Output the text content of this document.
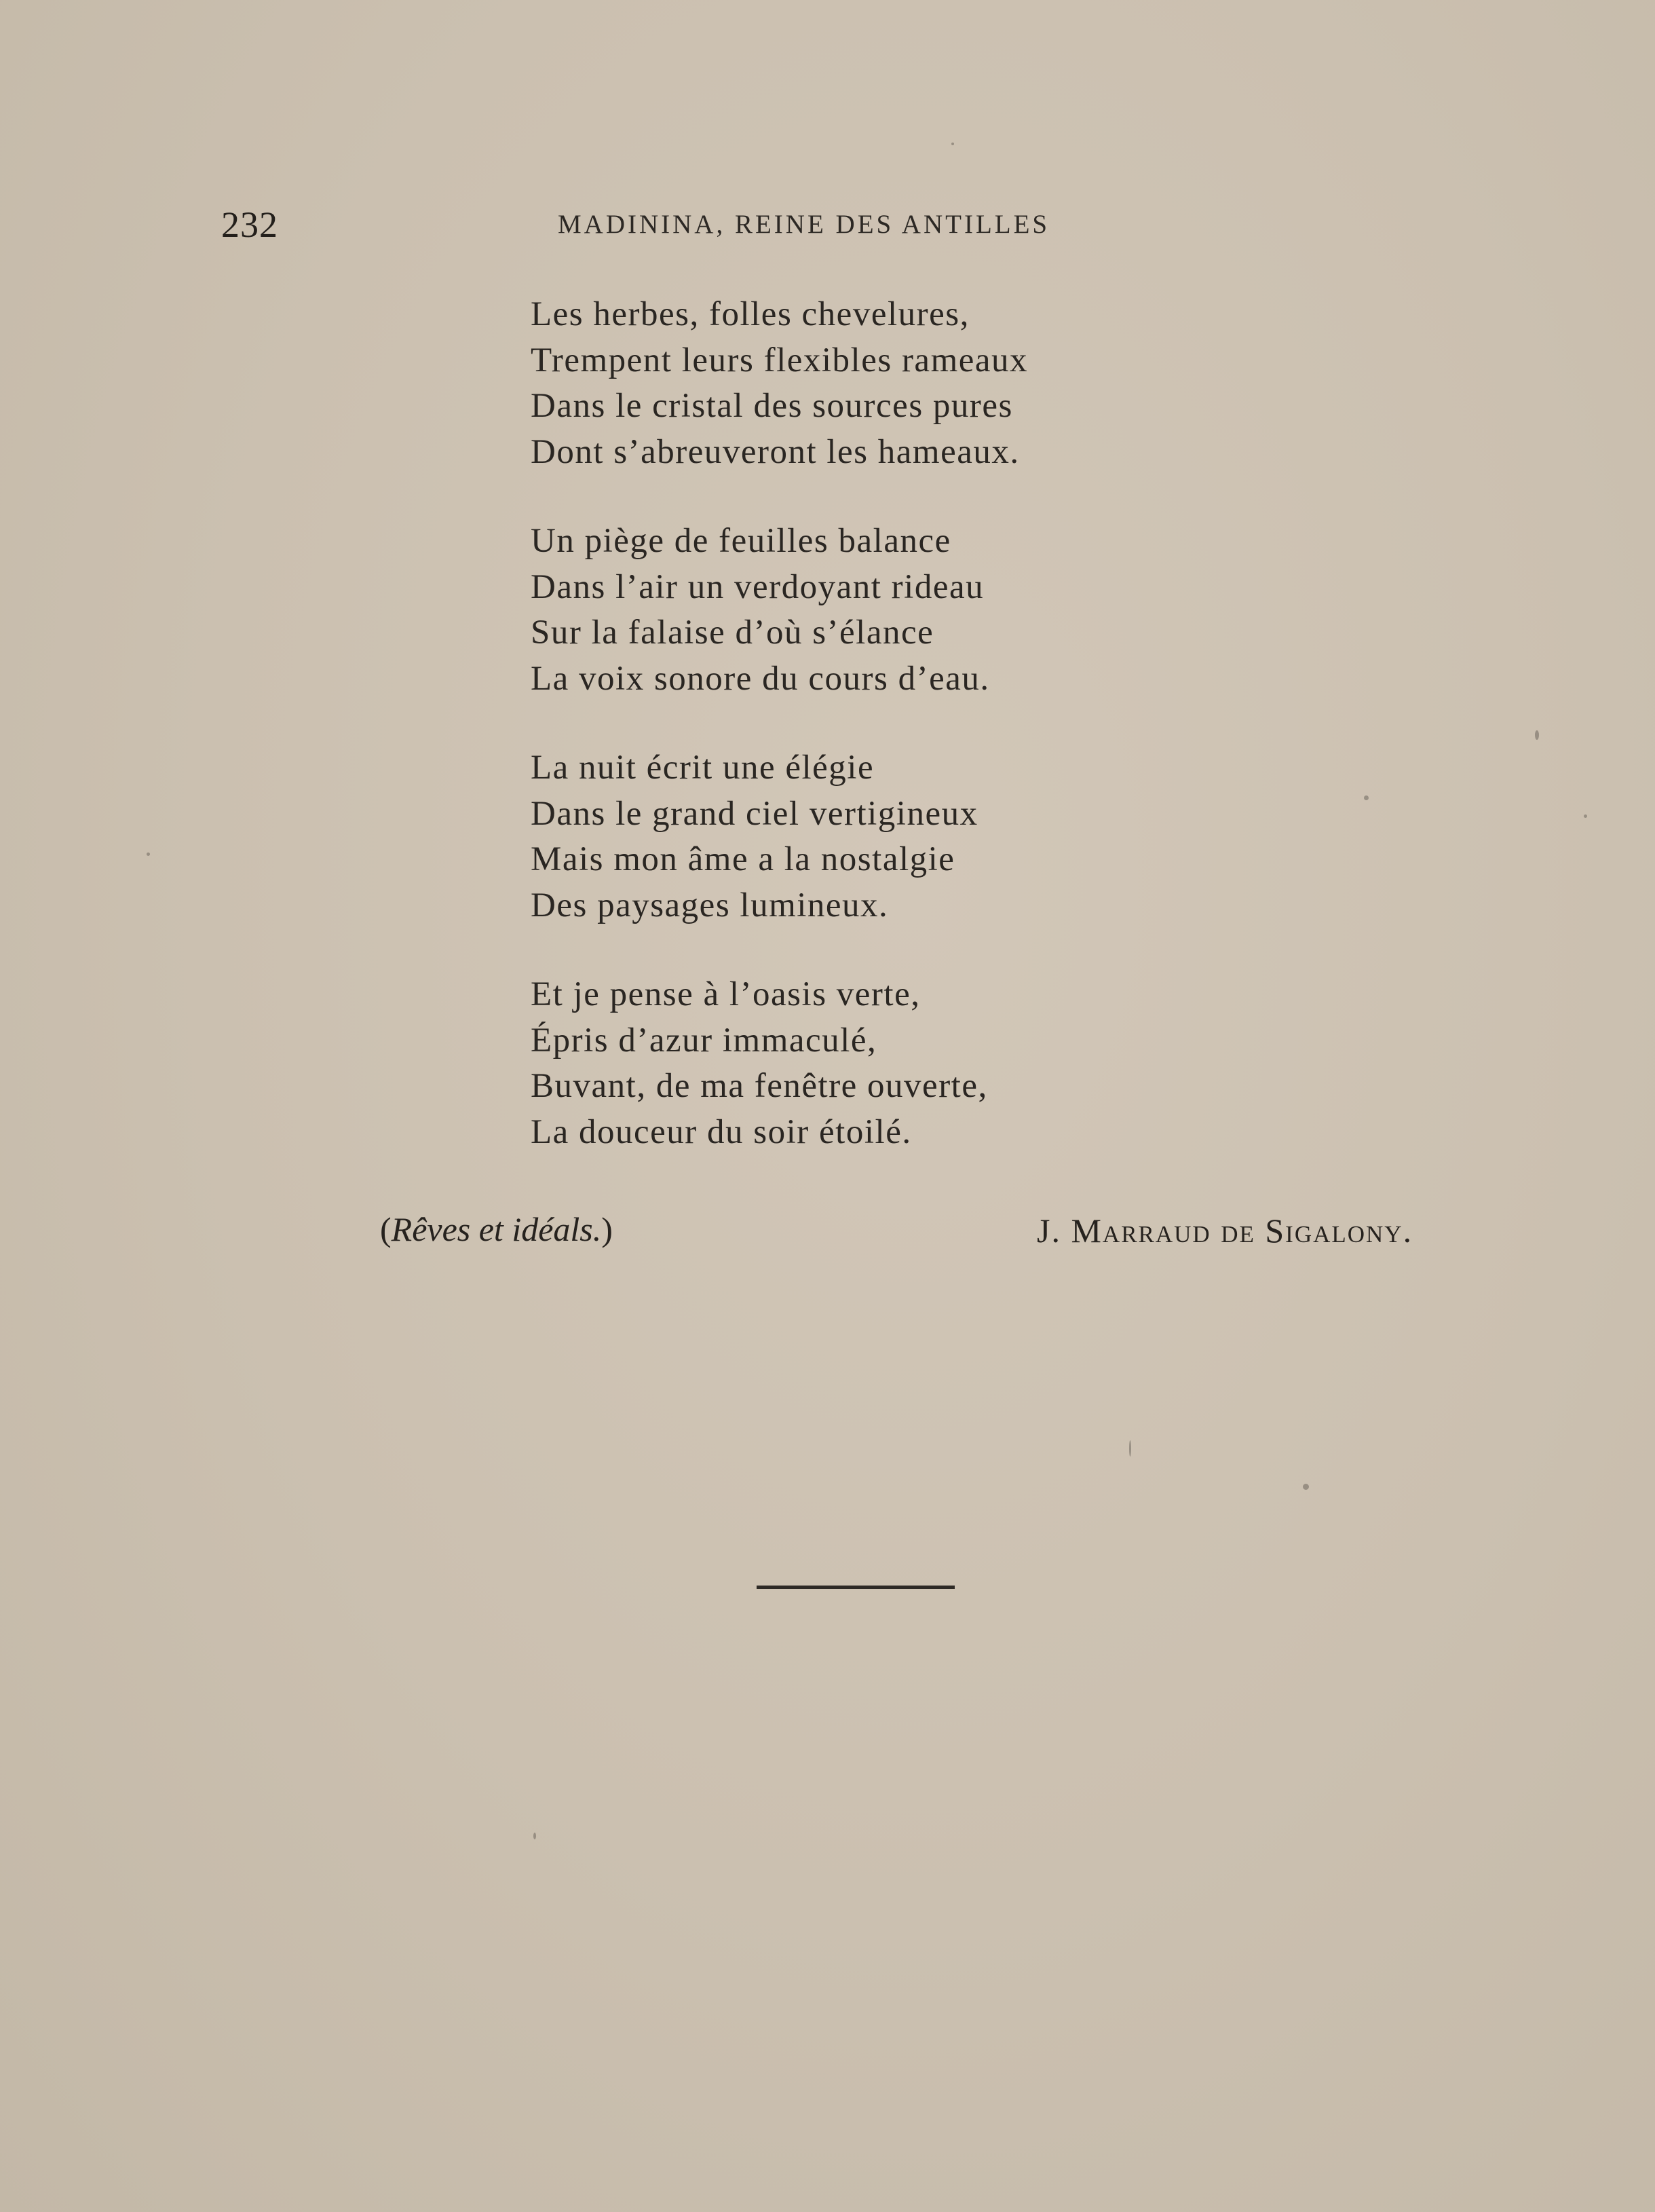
232	MADININA, REINE DES ANTILLES
Les herbes, folles chevelures,
Trempent leurs flexibles rameaux
Dans le cristal des sources pures
Dont s’abreuveront les hameaux.
Un piège de feuilles balance
Dans l’air un verdoyant rideau
Sur la falaise d’où s’élance
La voix sonore du cours d’eau.
La nuit écrit une élégie
Dans le grand ciel vertigineux
Mais mon âme a la nostalgie
Des paysages lumineux.
Et je pense à l’oasis verte,
Épris d’azur immaculé,
Buvant, de ma fenêtre ouverte,
La douceur du soir étoilé.
(Rêves et idéals.)	J. Marraud de Sigalony.
